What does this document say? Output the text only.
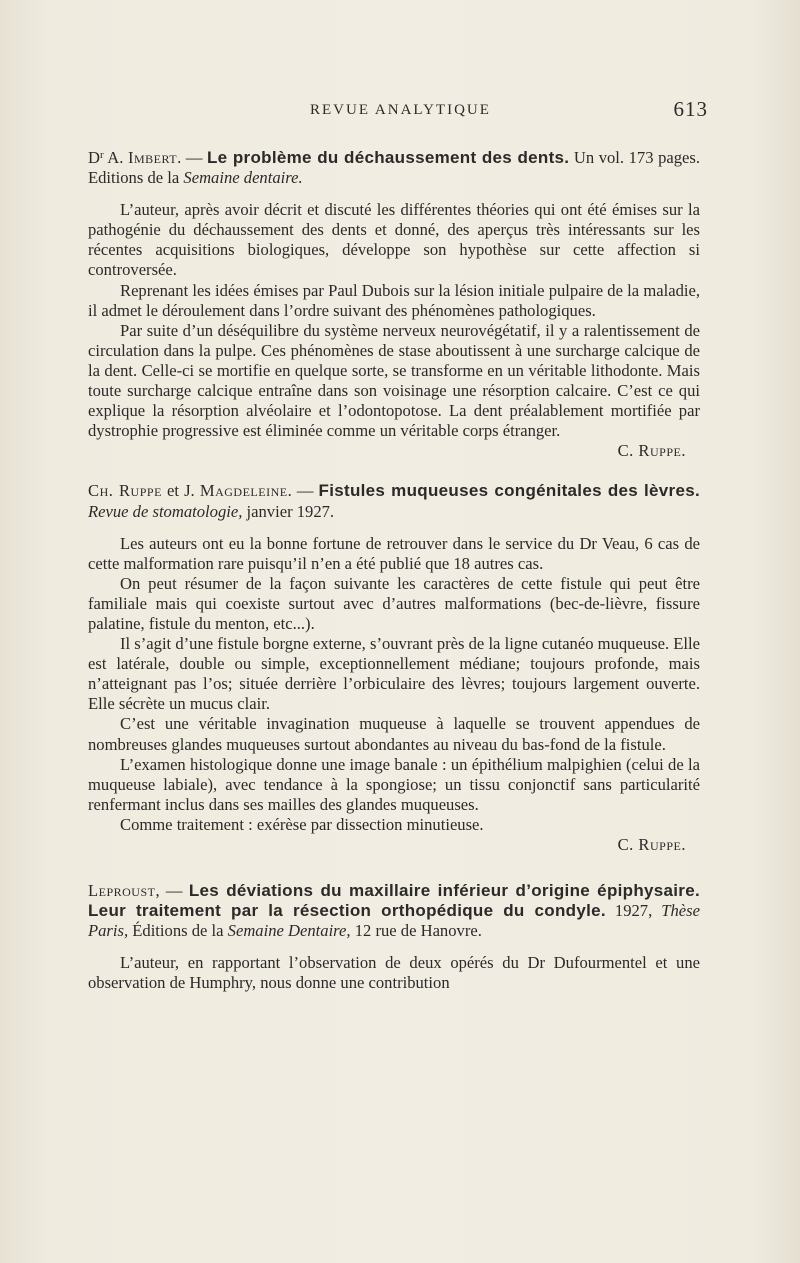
REVUE ANALYTIQUE	613

$D^r$ A. Imbert. — Le problème du déchaussement des dents. Un vol. 173 pages. Editions de la Semaine dentaire.

L’auteur, après avoir décrit et discuté les différentes théories qui ont été émises sur la pathogénie du déchaussement des dents et donné, des aperçus très intéressants sur les récentes acquisitions biologiques, développe son hypothèse sur cette affection si controversée.

Reprenant les idées émises par Paul Dubois sur la lésion initiale pulpaire de la maladie, il admet le déroulement dans l’ordre suivant des phénomènes pathologiques.

Par suite d’un déséquilibre du système nerveux neurovégétatif, il y a ralentissement de circulation dans la pulpe. Ces phénomènes de stase aboutissent à une surcharge calcique de la dent. Celle-ci se mortifie en quelque sorte, se transforme en un véritable lithodonte. Mais toute surcharge calcique entraîne dans son voisinage une résorption calcaire. C’est ce qui explique la résorption alvéolaire et l’odontopotose. La dent préalablement mortifiée par dystrophie progressive est éliminée comme un véritable corps étranger.

C. Ruppe.

Ch. Ruppe et J. Magdeleine. — Fistules muqueuses congénitales des lèvres. Revue de stomatologie, janvier 1927.

Les auteurs ont eu la bonne fortune de retrouver dans le service du Dr Veau, 6 cas de cette malformation rare puisqu’il n’en a été publié que 18 autres cas.

On peut résumer de la façon suivante les caractères de cette fistule qui peut être familiale mais qui coexiste surtout avec d’autres malformations (bec-de-lièvre, fissure palatine, fistule du menton, etc...).

Il s’agit d’une fistule borgne externe, s’ouvrant près de la ligne cutanéo muqueuse. Elle est latérale, double ou simple, exceptionnellement médiane; toujours profonde, mais n’atteignant pas l’os; située derrière l’orbiculaire des lèvres; toujours largement ouverte. Elle sécrète un mucus clair.

C’est une véritable invagination muqueuse à laquelle se trouvent appendues de nombreuses glandes muqueuses surtout abondantes au niveau du bas-fond de la fistule.

L’examen histologique donne une image banale : un épithélium malpighien (celui de la muqueuse labiale), avec tendance à la spongiose; un tissu conjonctif sans particularité renfermant inclus dans ses mailles des glandes muqueuses.

Comme traitement : exérèse par dissection minutieuse.

C. Ruppe.

Leproust, — Les déviations du maxillaire inférieur d’origine épiphysaire. Leur traitement par la résection orthopédique du condyle. 1927, Thèse Paris, Éditions de la Semaine Dentaire, 12 rue de Hanovre.

L’auteur, en rapportant l’observation de deux opérés du Dr Dufourmentel et une observation de Humphry, nous donne une contribution
